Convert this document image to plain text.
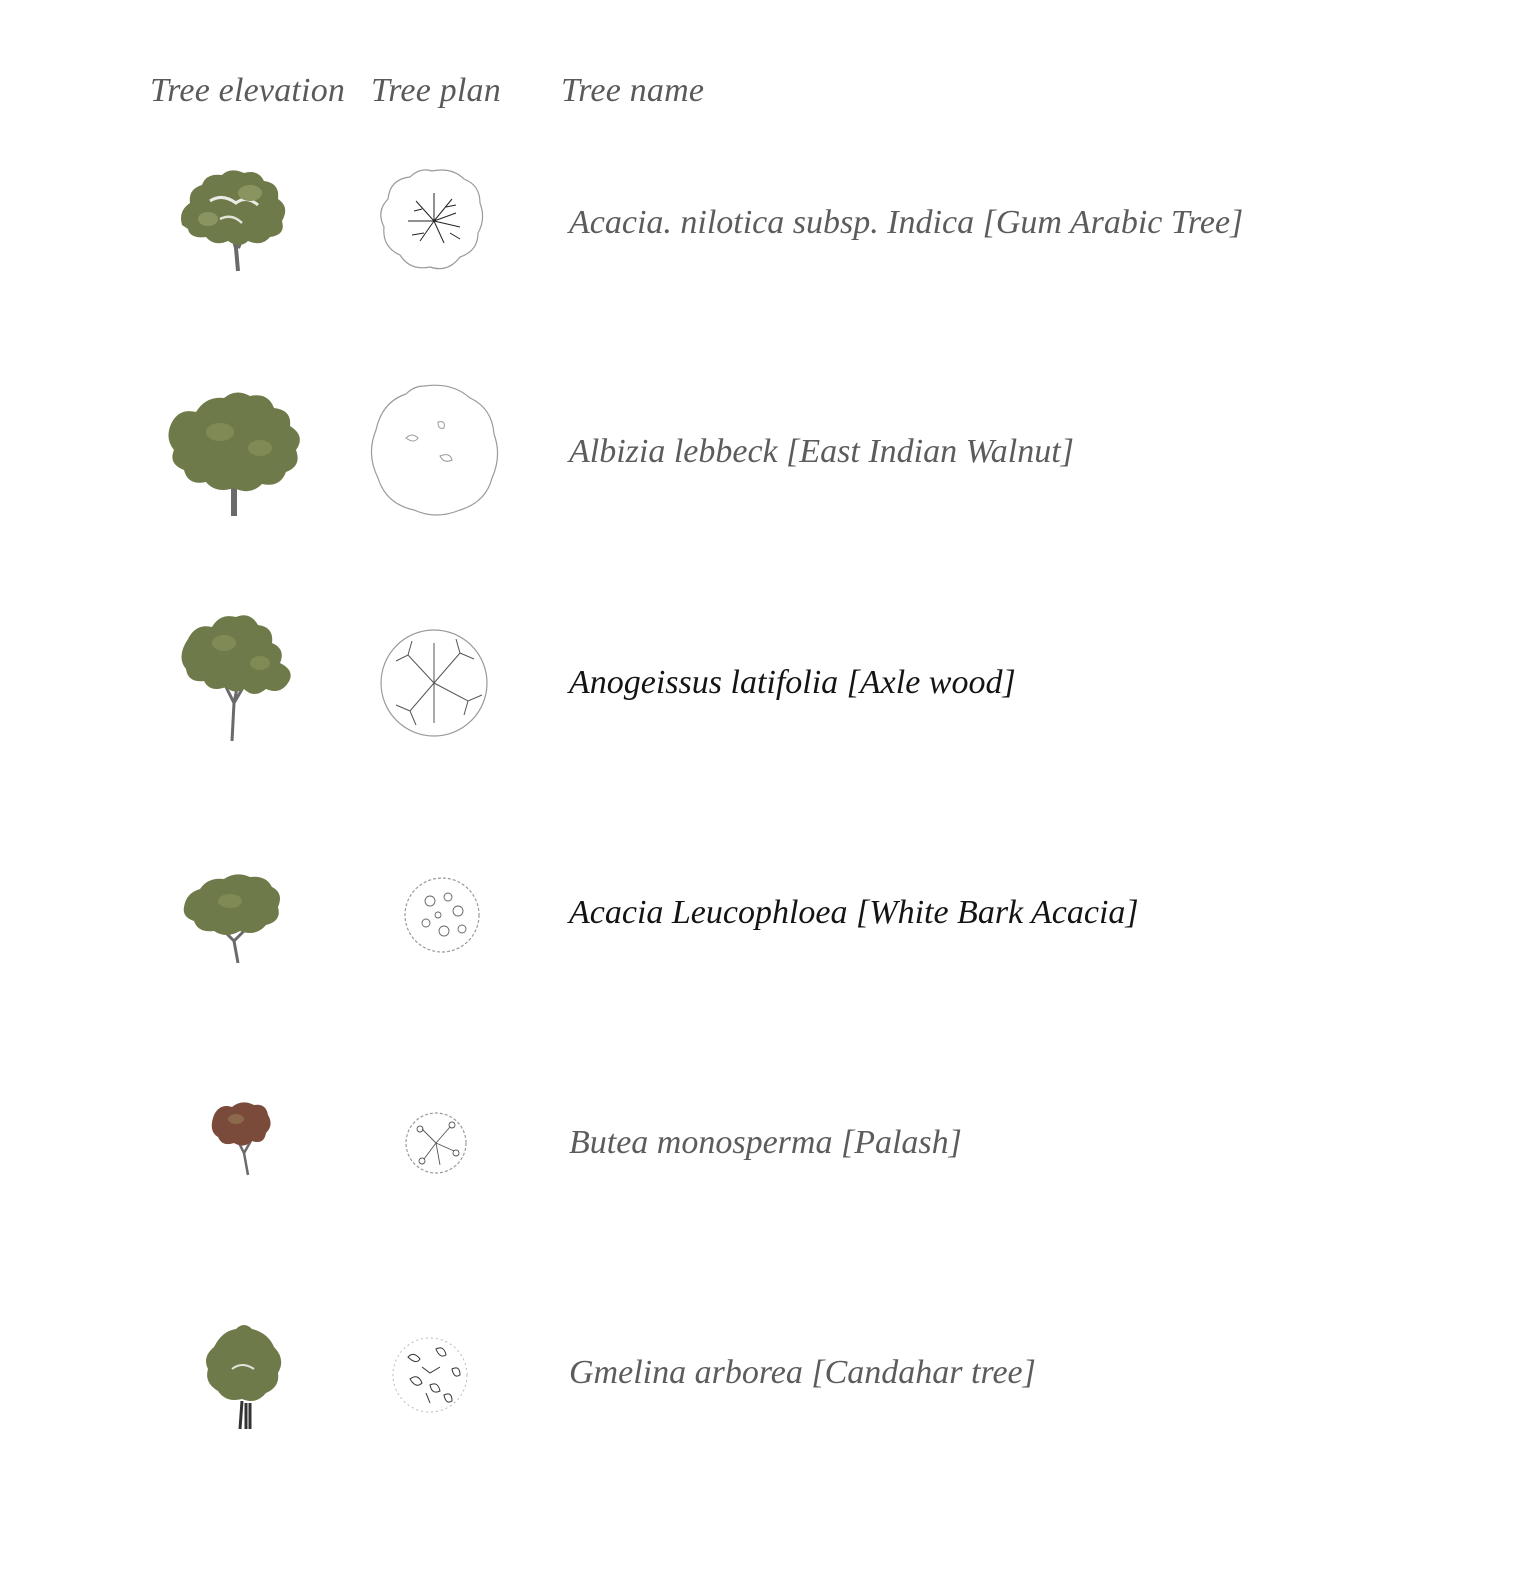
Tree elevation Tree plan Tree name
Acacia. nilotica subsp. Indica [Gum Arabic Tree]
Albizia lebbeck [East Indian Walnut]
Anogeissus latifolia [Axle wood]
Acacia Leucophloea [White Bark Acacia]
Butea monosperma [Palash]
Gmelina arborea [Candahar tree]
